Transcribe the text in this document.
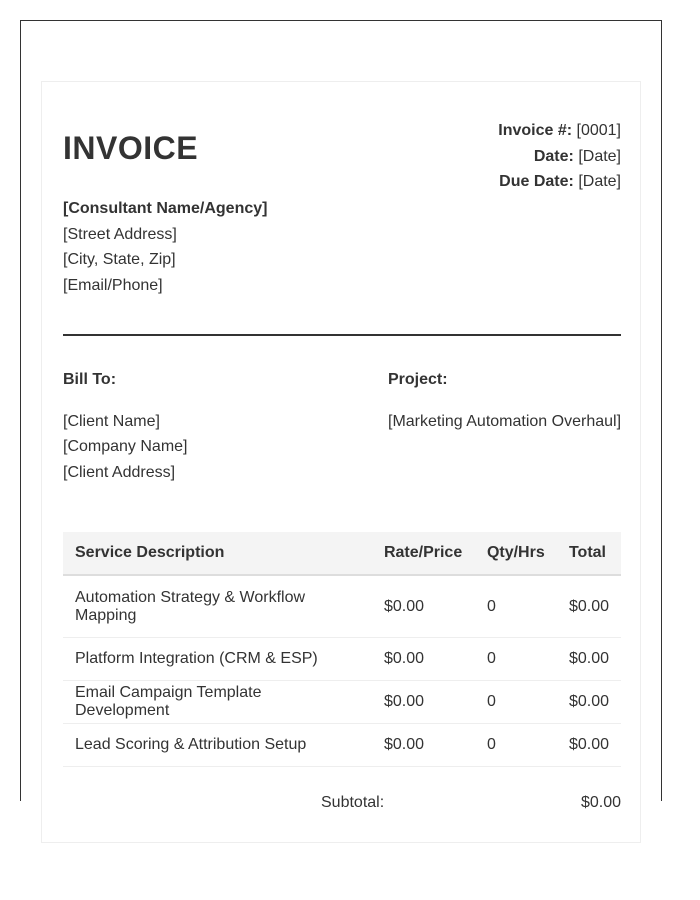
INVOICE	Invoice #: [0001]
Date: [Date]
Due Date: [Date]
[Consultant Name/Agency]
[Street Address]
[City, State, Zip]
[Email/Phone]
Bill To:
[Client Name]
[Company Name]
[Client Address]
Project:
[Marketing Automation Overhaul]
Service Description	Rate/Price	Qty/Hrs	Total
Automation Strategy & Workflow Mapping	$0.00	0	$0.00
Platform Integration (CRM & ESP)	$0.00	0	$0.00
Email Campaign Template Development	$0.00	0	$0.00
Lead Scoring & Attribution Setup	$0.00	0	$0.00
Subtotal:	$0.00
